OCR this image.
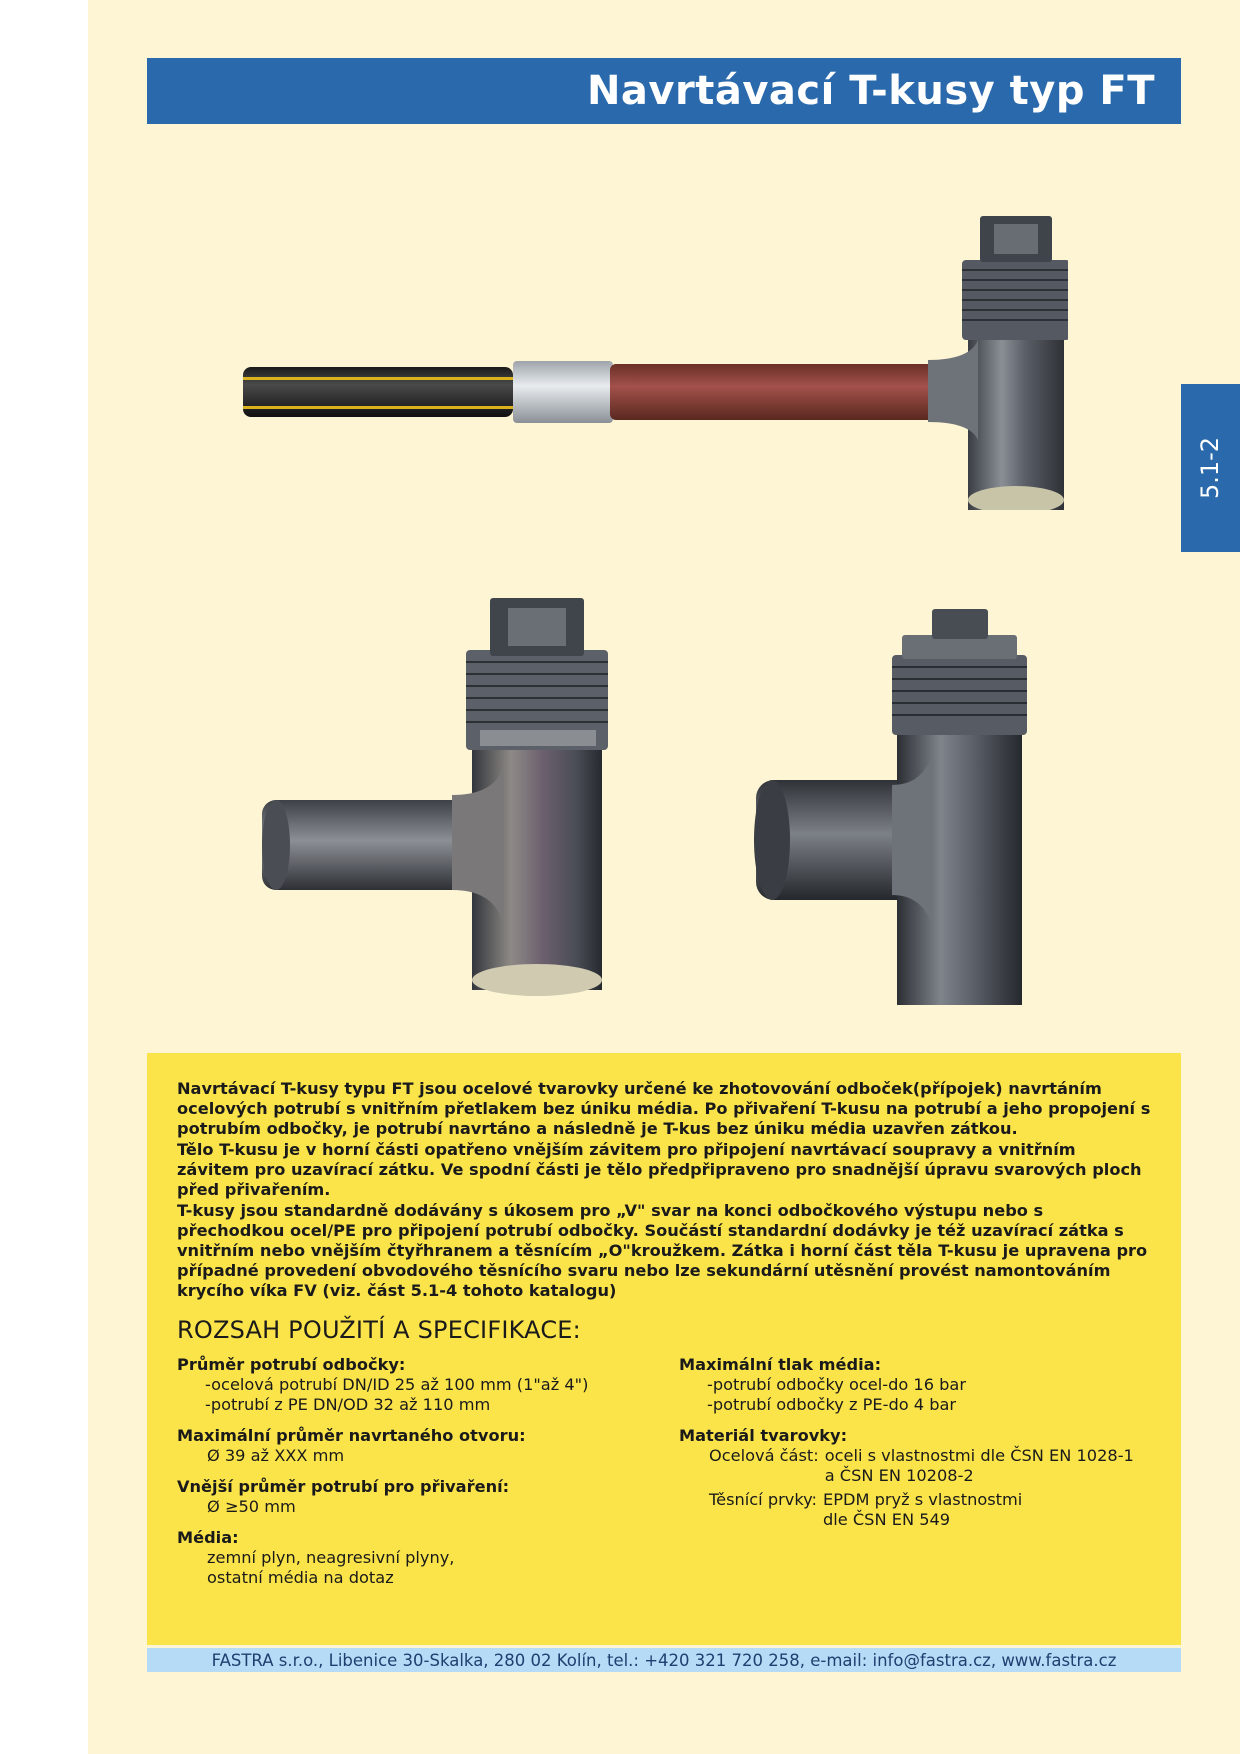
Navrtávací T-kusy typ FT
5.1-2

Navrtávací T-kusy typu FT jsou ocelové tvarovky určené ke zhotovování odboček(přípojek) navrtáním ocelových potrubí s vnitřním přetlakem bez úniku média. Po přivaření T-kusu na potrubí a jeho propojení s potrubím odbočky, je potrubí navrtáno a následně je T-kus bez úniku média uzavřen zátkou.

Tělo T-kusu je v horní části opatřeno vnějším závitem pro připojení navrtávací soupravy a vnitřním závitem pro uzavírací zátku. Ve spodní části je tělo předpřipraveno pro snadnější úpravu svarových ploch před přivařením.

T-kusy jsou standardně dodávány s úkosem pro „V" svar na konci odbočkového výstupu nebo s přechodkou ocel/PE pro připojení potrubí odbočky. Součástí standardní dodávky je též uzavírací zátka s vnitřním nebo vnějším čtyřhranem a těsnícím „O"kroužkem. Zátka i horní část těla T-kusu je upravena pro případné provedení obvodového těsnícího svaru nebo lze sekundární utěsnění provést namontováním krycího víka FV (viz. část 5.1-4 tohoto katalogu)

ROZSAH POUŽITÍ A SPECIFIKACE:
Průměr potrubí odbočky:
-ocelová potrubí DN/ID 25 až 100 mm (1"až 4")
-potrubí z PE DN/OD 32 až 110 mm
Maximální průměr navrtaného otvoru:
Ø 39 až XXX mm
Vnější průměr potrubí pro přivaření:
Ø ≥50 mm
Média:
zemní plyn, neagresivní plyny,
ostatní média na dotaz
Maximální tlak média:
-potrubí odbočky ocel-do 16 bar
-potrubí odbočky z PE-do 4 bar
Materiál tvarovky:
Ocelová část: oceli s vlastnostmi dle ČSN EN 1028-1
a ČSN EN 10208-2
Těsnící prvky: EPDM pryž s vlastnostmi
dle ČSN EN 549
FASTRA s.r.o., Libenice 30-Skalka, 280 02 Kolín, tel.: +420 321 720 258, e-mail: info@fastra.cz, www.fastra.cz
